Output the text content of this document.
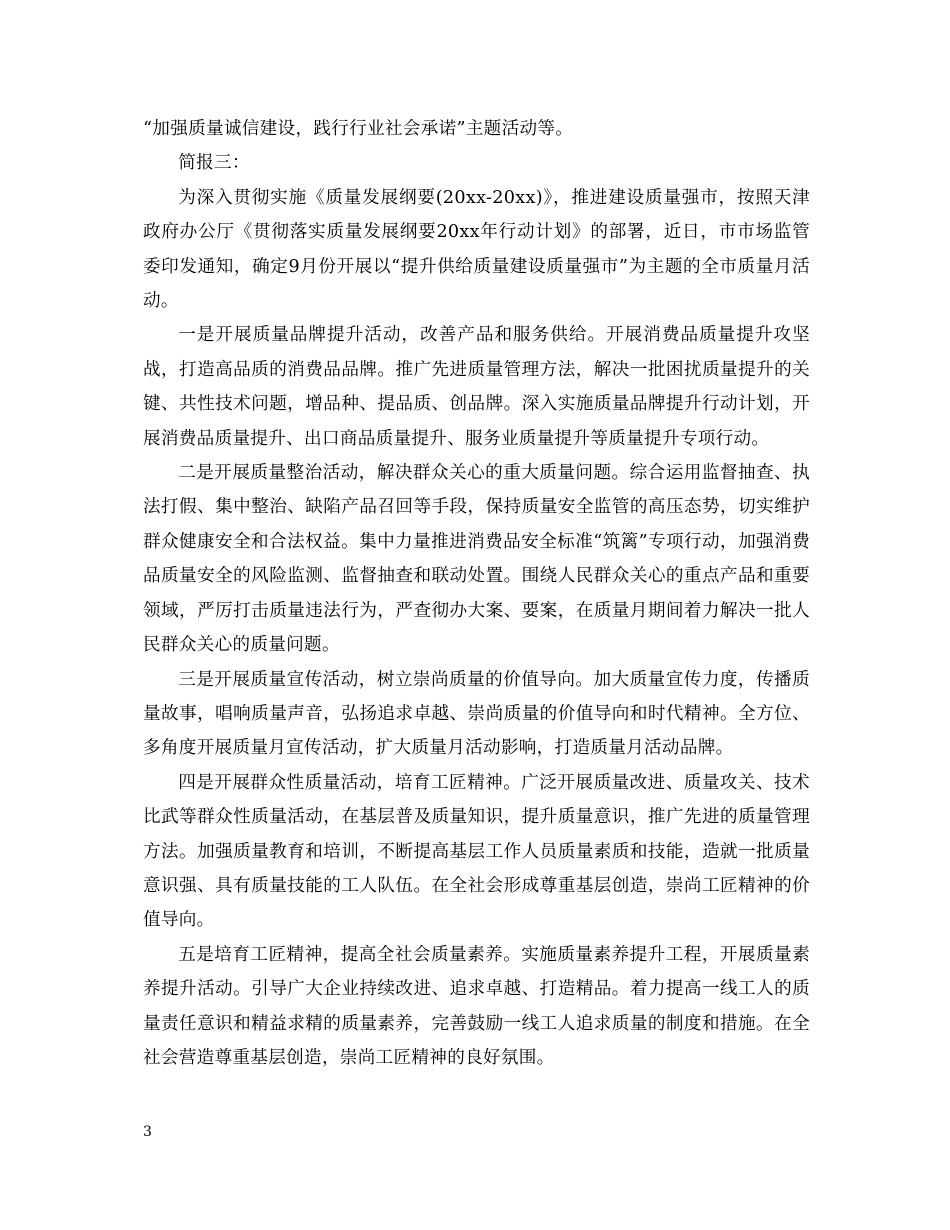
“加强质量诚信建设，践行行业社会承诺”主题活动等。

简报三：

为深入贯彻实施《质量发展纲要(20xx-20xx)》，推进建设质量强市，按照天津政府办公厅《贯彻落实质量发展纲要20xx年行动计划》的部署，近日，市市场监管委印发通知，确定9月份开展以“提升供给质量建设质量强市”为主题的全市质量月活动。

一是开展质量品牌提升活动，改善产品和服务供给。开展消费品质量提升攻坚战，打造高品质的消费品品牌。推广先进质量管理方法，解决一批困扰质量提升的关键、共性技术问题，增品种、提品质、创品牌。深入实施质量品牌提升行动计划，开展消费品质量提升、出口商品质量提升、服务业质量提升等质量提升专项行动。

二是开展质量整治活动，解决群众关心的重大质量问题。综合运用监督抽查、执法打假、集中整治、缺陷产品召回等手段，保持质量安全监管的高压态势，切实维护群众健康安全和合法权益。集中力量推进消费品安全标准“筑篱”专项行动，加强消费品质量安全的风险监测、监督抽查和联动处置。围绕人民群众关心的重点产品和重要领域，严厉打击质量违法行为，严查彻办大案、要案，在质量月期间着力解决一批人民群众关心的质量问题。

三是开展质量宣传活动，树立崇尚质量的价值导向。加大质量宣传力度，传播质量故事，唱响质量声音，弘扬追求卓越、崇尚质量的价值导向和时代精神。全方位、多角度开展质量月宣传活动，扩大质量月活动影响，打造质量月活动品牌。

四是开展群众性质量活动，培育工匠精神。广泛开展质量改进、质量攻关、技术比武等群众性质量活动，在基层普及质量知识，提升质量意识，推广先进的质量管理方法。加强质量教育和培训，不断提高基层工作人员质量素质和技能，造就一批质量意识强、具有质量技能的工人队伍。在全社会形成尊重基层创造，崇尚工匠精神的价值导向。

五是培育工匠精神，提高全社会质量素养。实施质量素养提升工程，开展质量素养提升活动。引导广大企业持续改进、追求卓越、打造精品。着力提高一线工人的质量责任意识和精益求精的质量素养，完善鼓励一线工人追求质量的制度和措施。在全社会营造尊重基层创造，崇尚工匠精神的良好氛围。

3
